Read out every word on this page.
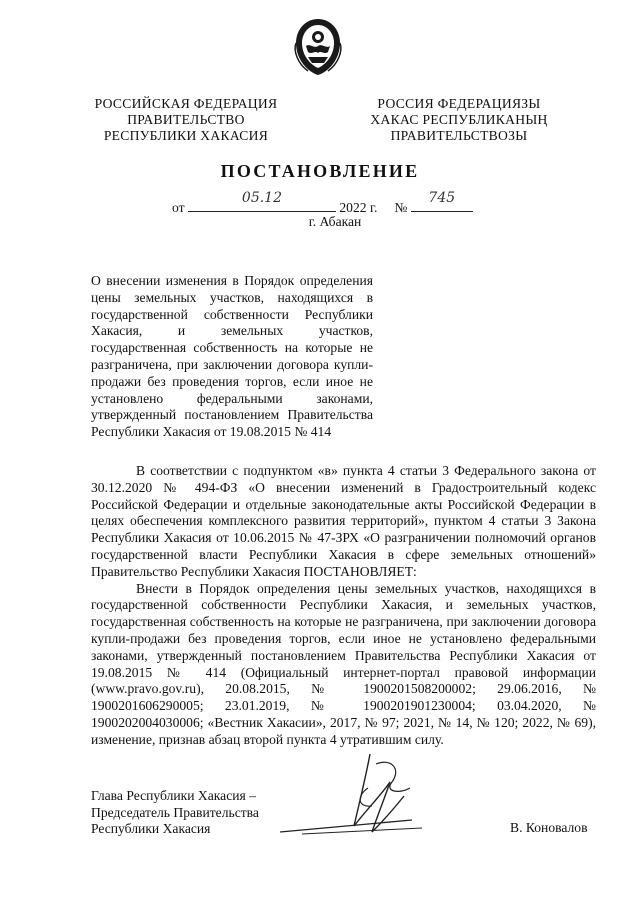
РОССИЙСКАЯ ФЕДЕРАЦИЯ
ПРАВИТЕЛЬСТВО
РЕСПУБЛИКИ ХАКАСИЯ
РОССИЯ ФЕДЕРАЦИЯЗЫ
ХАКАС РЕСПУБЛИКАНЫҢ
ПРАВИТЕЛЬСТВОЗЫ
ПОСТАНОВЛЕНИЕ
от
05.12
2022 г. №
745
г. Абакан
О внесении изменения в Порядок определения цены земельных участков, находящихся в государственной собственности Республики Хакасия, и земельных участков, государственная собственность на которые не разграничена, при заключении договора купли-продажи без проведения торгов, если иное не установлено федеральными законами, утвержденный постановлением Правительства Республики Хакасия от 19.08.2015 № 414

В соответствии с подпунктом «в» пункта 4 статьи 3 Федерального закона от 30.12.2020 № 494-ФЗ «О внесении изменений в Градостроительный кодекс Российской Федерации и отдельные законодательные акты Российской Федерации в целях обеспечения комплексного развития территорий», пунктом 4 статьи 3 Закона Республики Хакасия от 10.06.2015 № 47-ЗРХ «О разграничении полномочий органов государственной власти Республики Хакасия в сфере земельных отношений» Правительство Республики Хакасия ПОСТАНОВЛЯЕТ:

Внести в Порядок определения цены земельных участков, находящихся в государственной собственности Республики Хакасия, и земельных участков, государственная собственность на которые не разграничена, при заключении договора купли-продажи без проведения торгов, если иное не установлено федеральными законами, утвержденный постановлением Правительства Республики Хакасия от 19.08.2015 № 414 (Официальный интернет-портал правовой информации (www.pravo.gov.ru), 20.08.2015, № 1900201508200002; 29.06.2016, № 1900201606290005; 23.01.2019, № 1900201901230004; 03.04.2020, № 1900202004030006; «Вестник Хакасии», 2017, № 97; 2021, № 14, № 120; 2022, № 69), изменение, признав абзац второй пункта 4 утратившим силу.

Глава Республики Хакасия –
Председатель Правительства
Республики Хакасия	В. Коновалов
